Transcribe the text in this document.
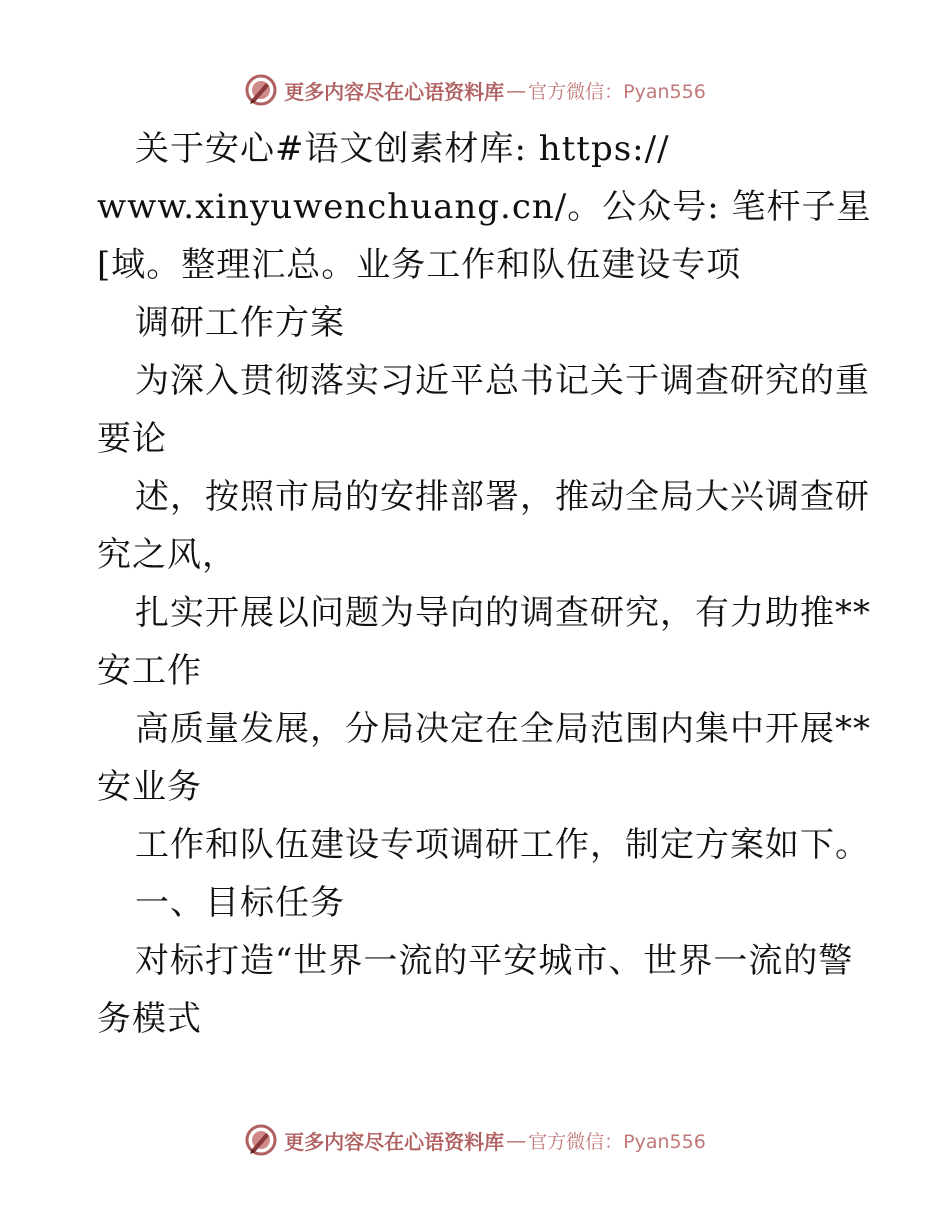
更多内容尽在心语资料库 — 官方微信：Pyan556
关于安心#语文创素材库: https://
www.xinyuwenchuang.cn/。公众号: 笔杆子星
[域。整理汇总。业务工作和队伍建设专项
调研工作方案
为深入贯彻落实习近平总书记关于调查研究的重
要论
述，按照市局的安排部署，推动全局大兴调查研
究之风，
扎实开展以问题为导向的调查研究，有力助推**
安工作
高质量发展，分局决定在全局范围内集中开展**
安业务
工作和队伍建设专项调研工作，制定方案如下。
一、目标任务
对标打造“世界一流的平安城市、世界一流的警
务模式
更多内容尽在心语资料库 — 官方微信：Pyan556
